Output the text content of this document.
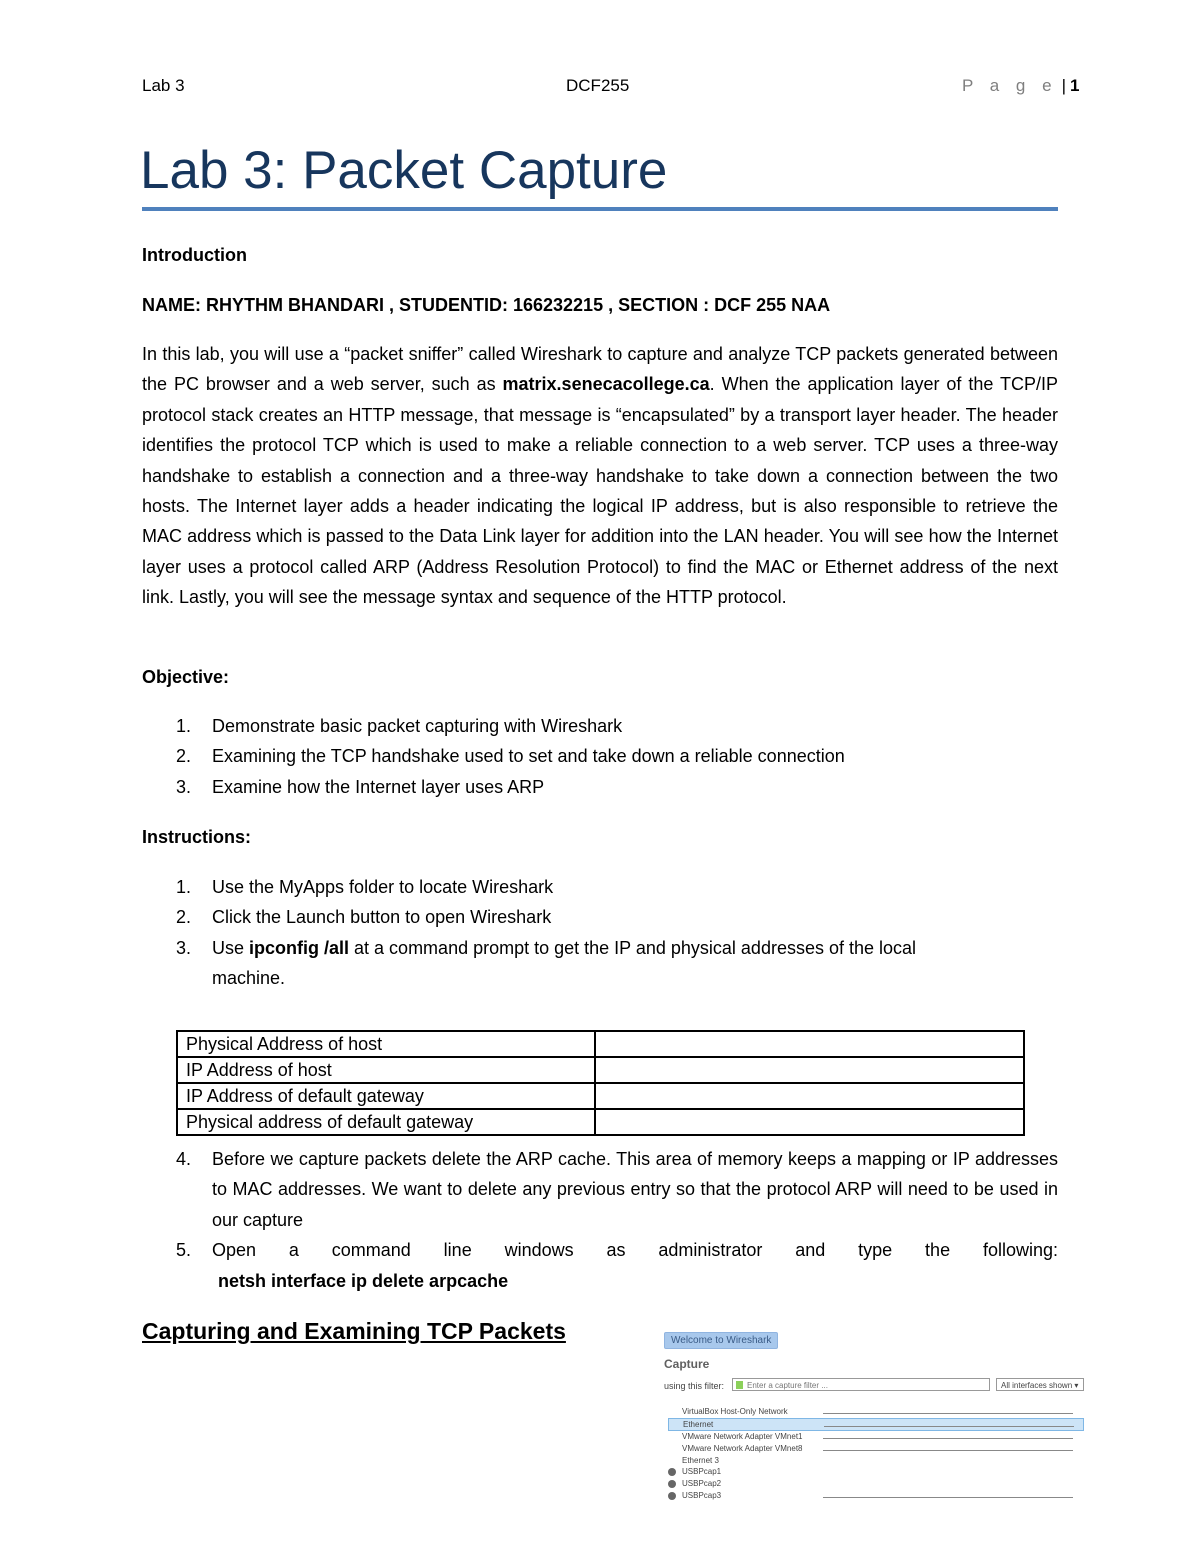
Lab 3	DCF255	P a g e | 1
Lab 3: Packet Capture

Introduction

NAME: RHYTHM BHANDARI , STUDENTID: 166232215 , SECTION : DCF 255 NAA

In this lab, you will use a “packet sniffer” called Wireshark to capture and analyze TCP packets generated between the PC browser and a web server, such as matrix.senecacollege.ca. When the application layer of the TCP/IP protocol stack creates an HTTP message, that message is “encapsulated” by a transport layer header. The header identifies the protocol TCP which is used to make a reliable connection to a web server. TCP uses a three-way handshake to establish a connection and a three-way handshake to take down a connection between the two hosts. The Internet layer adds a header indicating the logical IP address, but is also responsible to retrieve the MAC address which is passed to the Data Link layer for addition into the LAN header. You will see how the Internet layer uses a protocol called ARP (Address Resolution Protocol) to find the MAC or Ethernet address of the next link. Lastly, you will see the message syntax and sequence of the HTTP protocol.

Objective:

1. Demonstrate basic packet capturing with Wireshark
2. Examining the TCP handshake used to set and take down a reliable connection
3. Examine how the Internet layer uses ARP

Instructions:

1. Use the MyApps folder to locate Wireshark
2. Click the Launch button to open Wireshark
3. Use ipconfig /all at a command prompt to get the IP and physical addresses of the local machine.
Physical Address of host	
IP Address of host	
IP Address of default gateway	
Physical address of default gateway	
4. Before we capture packets delete the ARP cache. This area of memory keeps a mapping or IP addresses to MAC addresses. We want to delete any previous entry so that the protocol ARP will need to be used in our capture
5. Open a command line windows as administrator and type the following:
netsh interface ip delete arpcache
Capturing and Examining TCP Packets	Welcome to Wireshark
Capture
using this filter:	Enter a capture filter ...	All interfaces shown ▾
VirtualBox Host-Only Network
Ethernet
VMware Network Adapter VMnet1
VMware Network Adapter VMnet8
Ethernet 3
USBPcap1
USBPcap2
USBPcap3
